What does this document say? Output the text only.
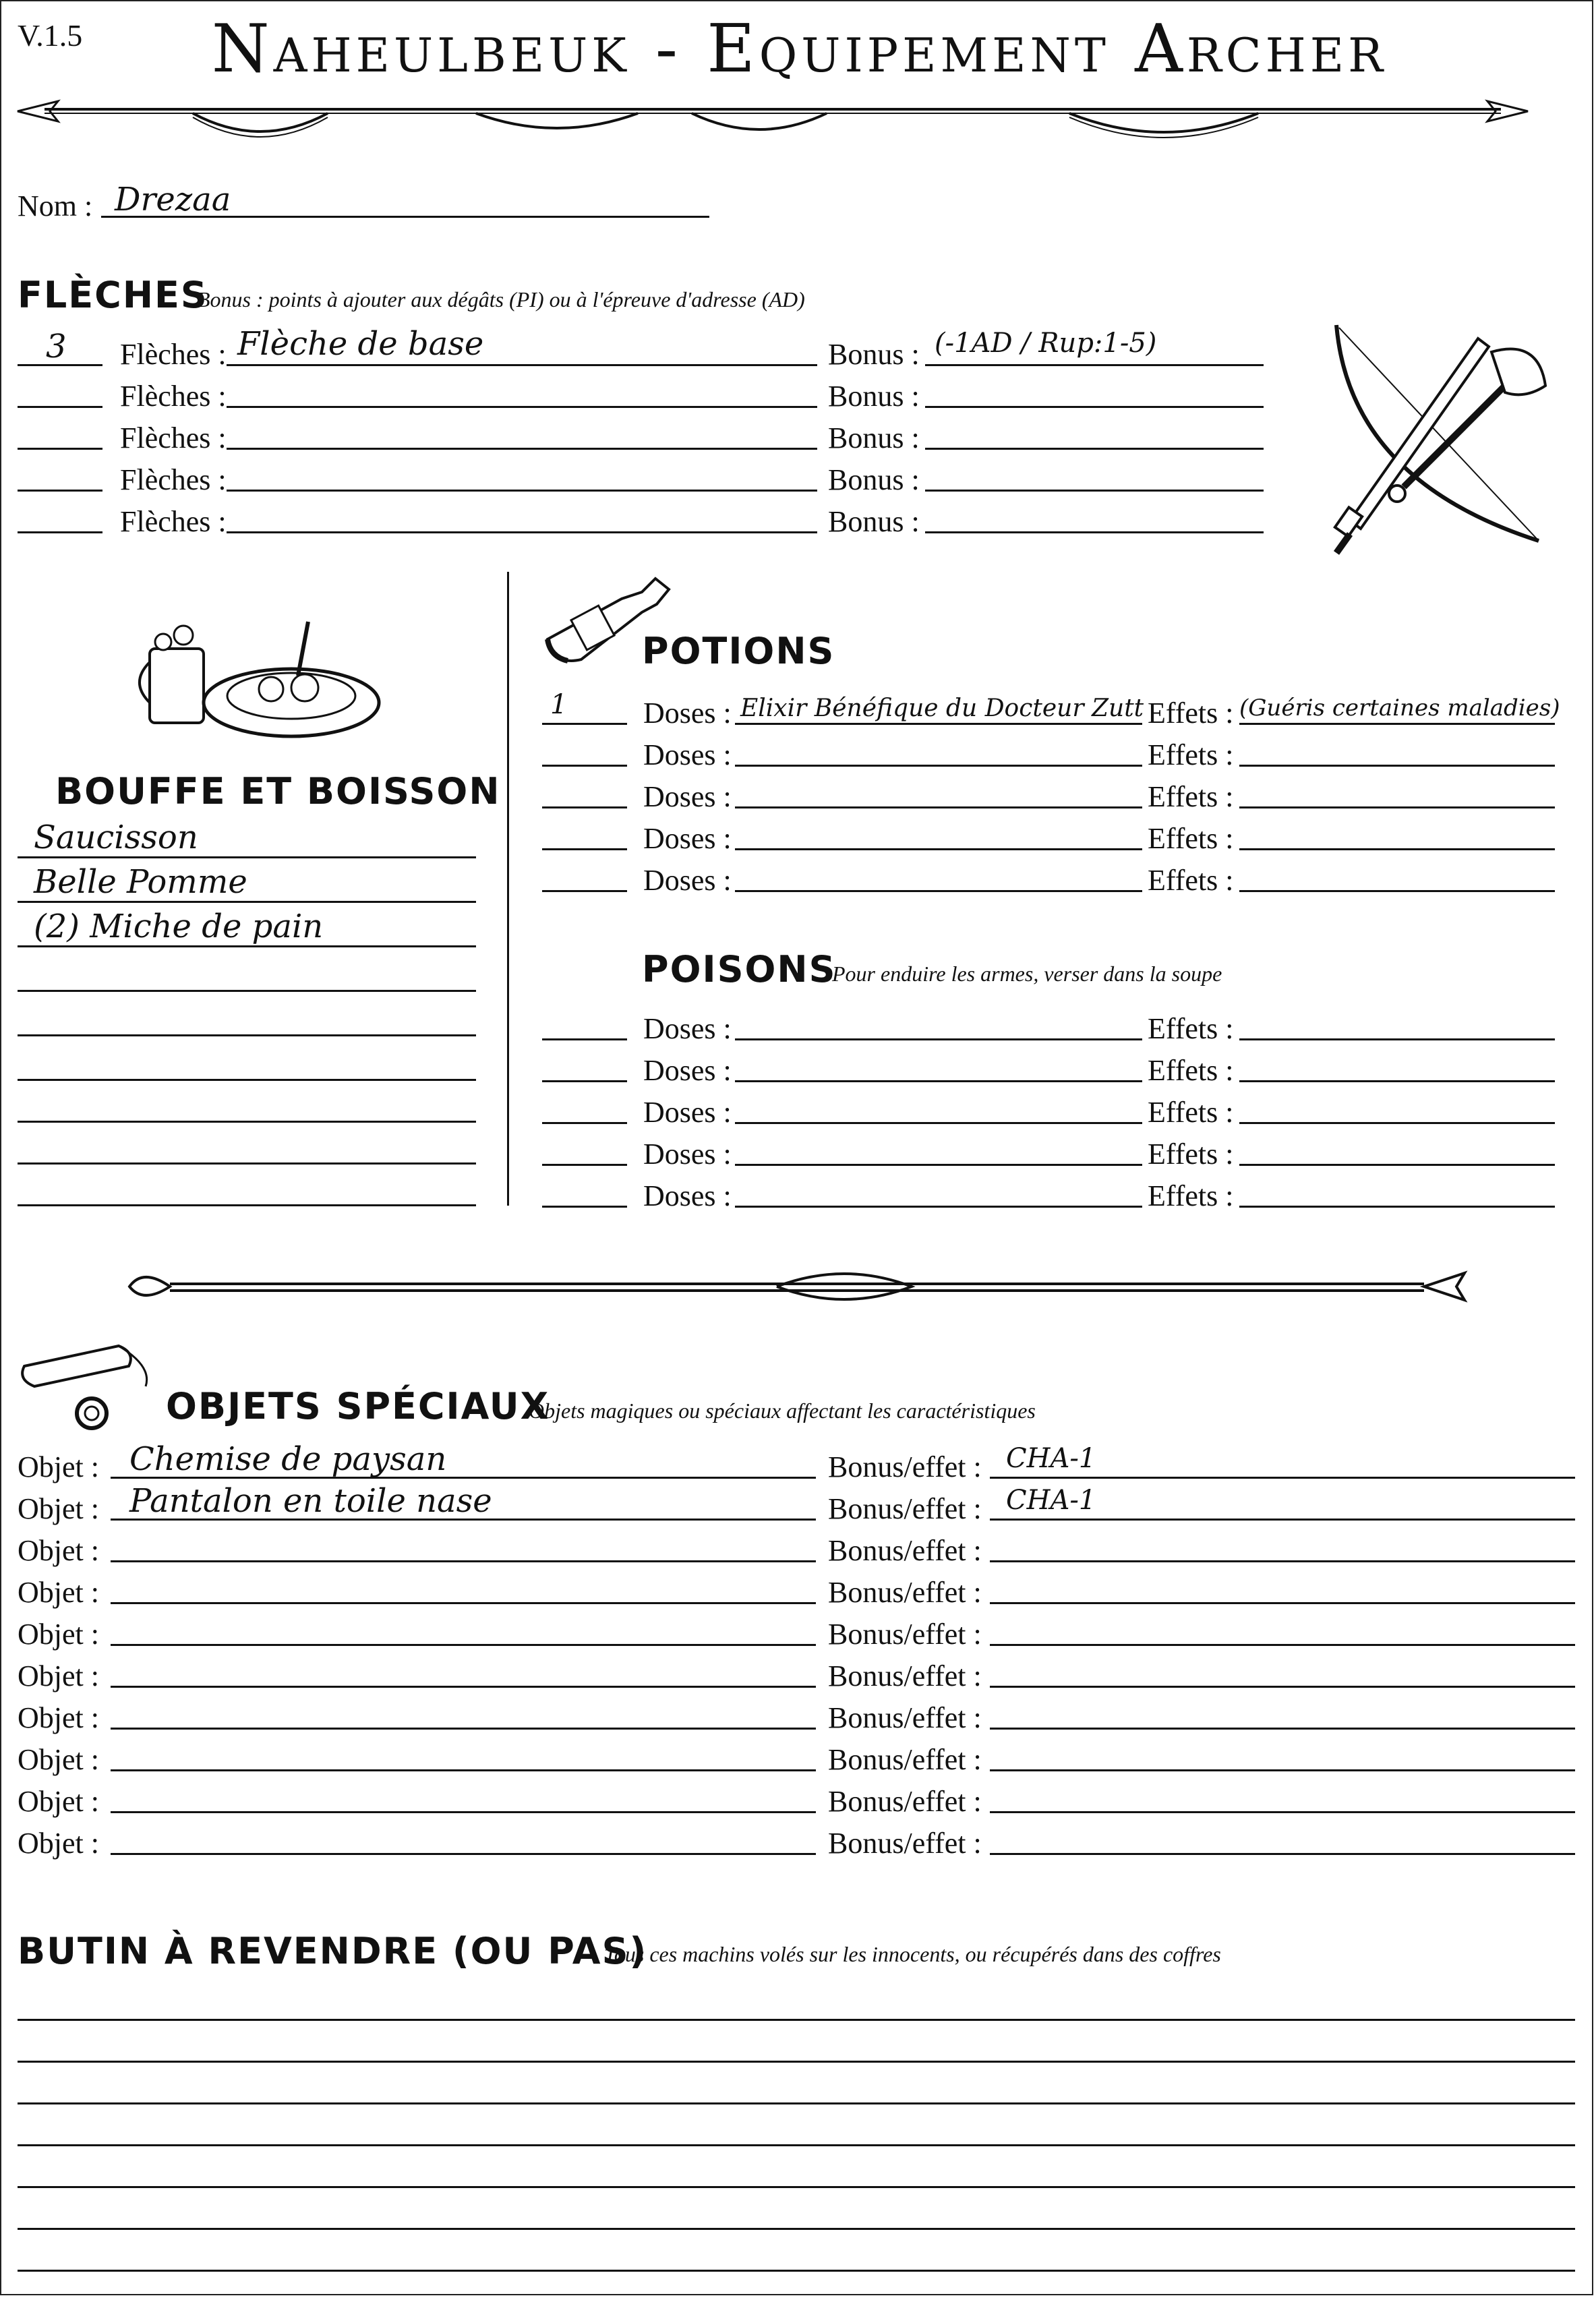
V.1.5	Naheulbeuk - Equipement Archer
Nom : Drezaa
FLÈCHES
Bonus : points à ajouter aux dégâts (PI) ou à l'épreuve d'adresse (AD)
3 Flèches : Flèche de base	Bonus : (-1AD / Rup:1-5)
Flèches :	Bonus :
Flèches :	Bonus :
Flèches :	Bonus :
Flèches :	Bonus :
BOUFFE ET BOISSON
Saucisson
Belle Pomme
(2) Miche de pain
POTIONS
1	Doses : Elixir Bénéfique du Docteur Zutt Effets : (Guéris certaines maladies)
Doses :	Effets :
Doses :	Effets :
Doses :	Effets :
Doses :	Effets :
POISONS
Pour enduire les armes, verser dans la soupe
Doses :	Effets :
Doses :	Effets :
Doses :	Effets :
Doses :	Effets :
Doses :	Effets :
OBJETS SPÉCIAUX
Objets magiques ou spéciaux affectant les caractéristiques
Objet : Chemise de paysan	Bonus/effet : CHA-1
Objet : Pantalon en toile nase	Bonus/effet : CHA-1
Objet :	Bonus/effet :
Objet :	Bonus/effet :
Objet :	Bonus/effet :
Objet :	Bonus/effet :
Objet :	Bonus/effet :
Objet :	Bonus/effet :
Objet :	Bonus/effet :
Objet :	Bonus/effet :
BUTIN À REVENDRE (OU PAS)
Tous ces machins volés sur les innocents, ou récupérés dans des coffres
